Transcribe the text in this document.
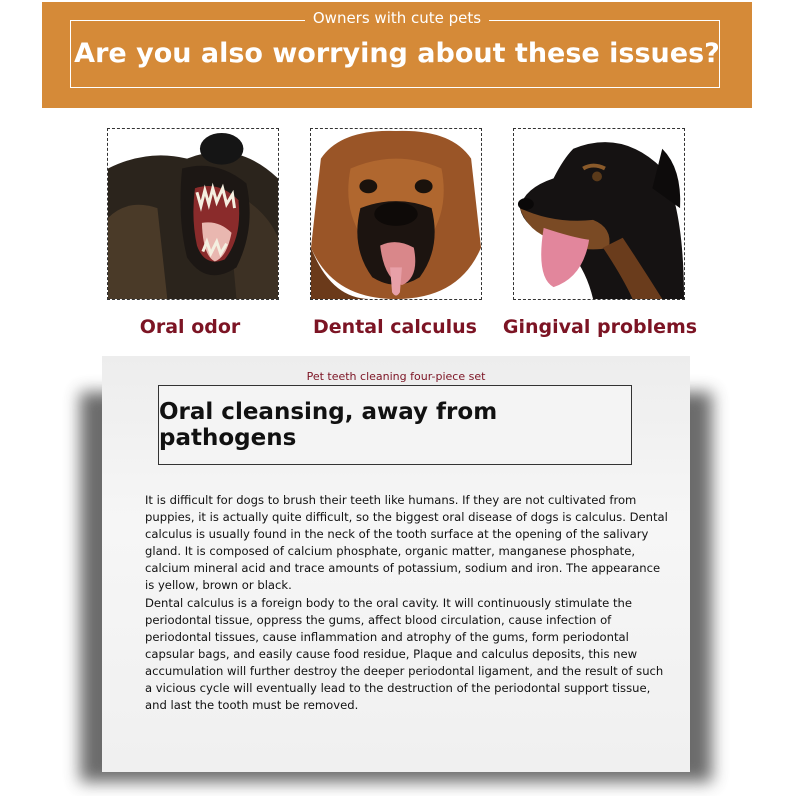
Owners with cute pets
Are you also worrying about these issues?
Oral odor	Dental calculus	Gingival problems
Pet teeth cleaning four-piece set
Oral cleansing, away from pathogens

It is difficult for dogs to brush their teeth like humans. If they are not cultivated from puppies, it is actually quite difficult, so the biggest oral disease of dogs is calculus. Dental calculus is usually found in the neck of the tooth surface at the opening of the salivary gland. It is composed of calcium phosphate, organic matter, manganese phosphate, calcium mineral acid and trace amounts of potassium, sodium and iron. The appearance is yellow, brown or black.

Dental calculus is a foreign body to the oral cavity. It will continuously stimulate the periodontal tissue, oppress the gums, affect blood circulation, cause infection of periodontal tissues, cause inflammation and atrophy of the gums, form periodontal capsular bags, and easily cause food residue, Plaque and calculus deposits, this new accumulation will further destroy the deeper periodontal ligament, and the result of such a vicious cycle will eventually lead to the destruction of the periodontal support tissue, and last the tooth must be removed.
